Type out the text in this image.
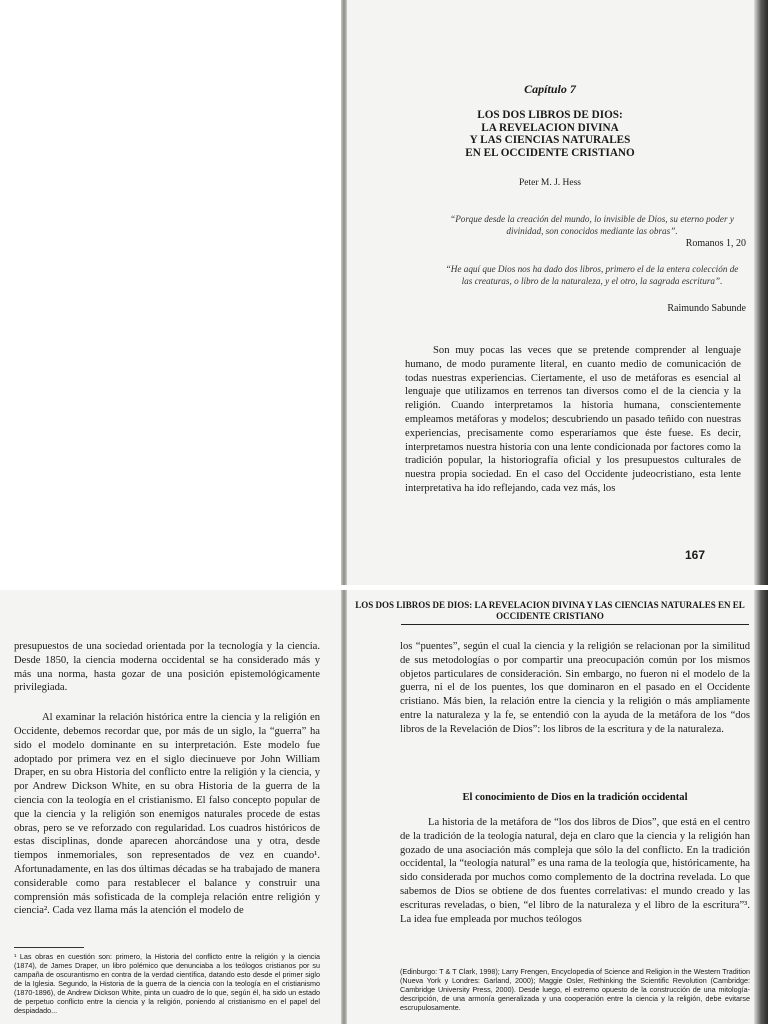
Capítulo 7
LOS DOS LIBROS DE DIOS:
LA REVELACION DIVINA
Y LAS CIENCIAS NATURALES
EN EL OCCIDENTE CRISTIANO
Peter M. J. Hess
“Porque desde la creación del mundo, lo invisible de Dios, su eterno poder y divinidad, son conocidos mediante las obras”.
Romanos 1, 20
“He aquí que Dios nos ha dado dos libros, primero el de la entera colección de las creaturas, o libro de la naturaleza, y el otro, la sagrada escritura”.
Raimundo Sabunde

Son muy pocas las veces que se pretende comprender al lenguaje humano, de modo puramente literal, en cuanto medio de comunicación de todas nuestras experiencias. Ciertamente, el uso de metáforas es esencial al lenguaje que utilizamos en terrenos tan diversos como el de la ciencia y la religión. Cuando interpretamos la historia humana, conscientemente empleamos metáforas y modelos; descubriendo un pasado teñido con nuestras experiencias, precisamente como esperaríamos que éste fuese. Es decir, interpretamos nuestra historia con una lente condicionada por factores como la tradición popular, la historiografía oficial y los presupuestos culturales de nuestra propia sociedad. En el caso del Occidente judeocristiano, esta lente interpretativa ha ido reflejando, cada vez más, los

167

presupuestos de una sociedad orientada por la tecnología y la ciencia. Desde 1850, la ciencia moderna occidental se ha considerado más y más una norma, hasta gozar de una posición epistemológicamente privilegiada.

Al examinar la relación histórica entre la ciencia y la religión en Occidente, debemos recordar que, por más de un siglo, la “guerra” ha sido el modelo dominante en su interpretación. Este modelo fue adoptado por primera vez en el siglo diecinueve por John William Draper, en su obra Historia del conflicto entre la religión y la ciencia, y por Andrew Dickson White, en su obra Historia de la guerra de la ciencia con la teología en el cristianismo. El falso concepto popular de que la ciencia y la religión son enemigos naturales procede de estas obras, pero se ve reforzado con regularidad. Los cuadros históricos de estas disciplinas, donde aparecen ahorcándose una y otra, desde tiempos inmemoriales, son representados de vez en cuando¹. Afortunadamente, en las dos últimas décadas se ha trabajado de manera considerable como para restablecer el balance y construir una comprensión más sofisticada de la compleja relación entre religión y ciencia². Cada vez llama más la atención el modelo de

¹ Las obras en cuestión son: primero, la Historia del conflicto entre la religión y la ciencia (1874), de James Draper, un libro polémico que denunciaba a los teólogos cristianos por su campaña de oscurantismo en contra de la verdad científica, datando esto desde el primer siglo de la Iglesia. Segundo, la Historia de la guerra de la ciencia con la teología en el cristianismo (1870-1896), de Andrew Dickson White, pinta un cuadro de lo que, según él, ha sido un estado de perpetuo conflicto entre la ciencia y la religión, poniendo al cristianismo en el papel del despiadado...
LOS DOS LIBROS DE DIOS: LA REVELACION DIVINA Y LAS CIENCIAS NATURALES EN EL OCCIDENTE CRISTIANO

los “puentes”, según el cual la ciencia y la religión se relacionan por la similitud de sus metodologías o por compartir una preocupación común por los mismos objetos particulares de consideración. Sin embargo, no fueron ni el modelo de la guerra, ni el de los puentes, los que dominaron en el pasado en el Occidente cristiano. Más bien, la relación entre la ciencia y la religión o más ampliamente entre la naturaleza y la fe, se entendió con la ayuda de la metáfora de los “dos libros de la Revelación de Dios”: los libros de la escritura y de la naturaleza.

El conocimiento de Dios en la tradición occidental

La historia de la metáfora de “los dos libros de Dios”, que está en el centro de la tradición de la teología natural, deja en claro que la ciencia y la religión han gozado de una asociación más compleja que sólo la del conflicto. En la tradición occidental, la “teología natural” es una rama de la teología que, históricamente, ha sido considerada por muchos como complemento de la doctrina revelada. Lo que sabemos de Dios se obtiene de dos fuentes correlativas: el mundo creado y las escrituras reveladas, o bien, “el libro de la naturaleza y el libro de la escritura”³. La idea fue empleada por muchos teólogos

(Edinburgo: T & T Clark, 1998); Larry Frengen, Encyclopedia of Science and Religion in the Western Tradition (Nueva York y Londres: Garland, 2000); Maggie Osler, Rethinking the Scientific Revolution (Cambridge: Cambridge University Press, 2000). Desde luego, el extremo opuesto de la construcción de una mitología-descripción, de una armonía generalizada y una cooperación entre la ciencia y la religión, debe evitarse escrupulosamente.
